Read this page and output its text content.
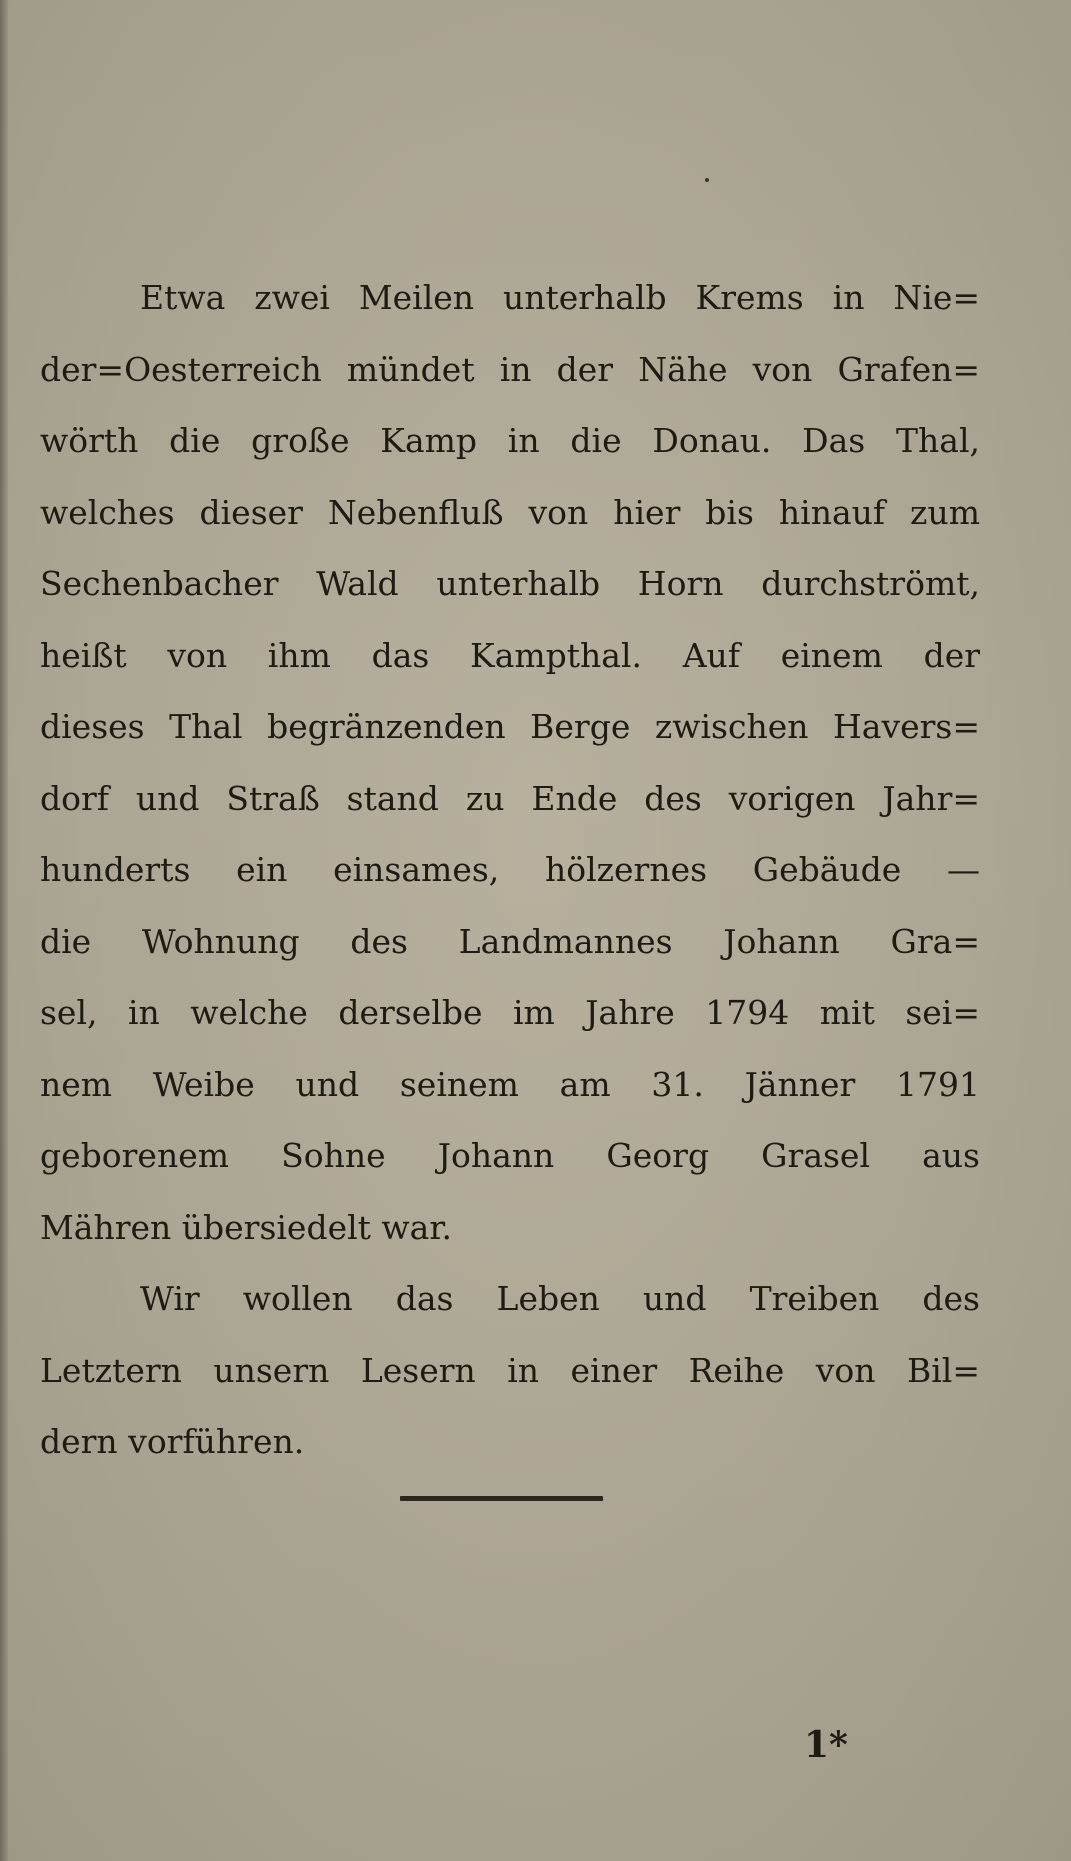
Etwa zwei Meilen unterhalb Krems in Nie=
der=Oesterreich mündet in der Nähe von Grafen=
wörth die große Kamp in die Donau. Das Thal,
welches dieser Nebenfluß von hier bis hinauf zum
Sechenbacher Wald unterhalb Horn durchströmt,
heißt von ihm das Kampthal. Auf einem der
dieses Thal begränzenden Berge zwischen Havers=
dorf und Straß stand zu Ende des vorigen Jahr=
hunderts ein einsames, hölzernes Gebäude —
die Wohnung des Landmannes Johann Gra=
sel, in welche derselbe im Jahre 1794 mit sei=
nem Weibe und seinem am 31. Jänner 1791
geborenem Sohne Johann Georg Grasel aus
Mähren übersiedelt war.
Wir wollen das Leben und Treiben des
Letztern unsern Lesern in einer Reihe von Bil=
dern vorführen.
1*
